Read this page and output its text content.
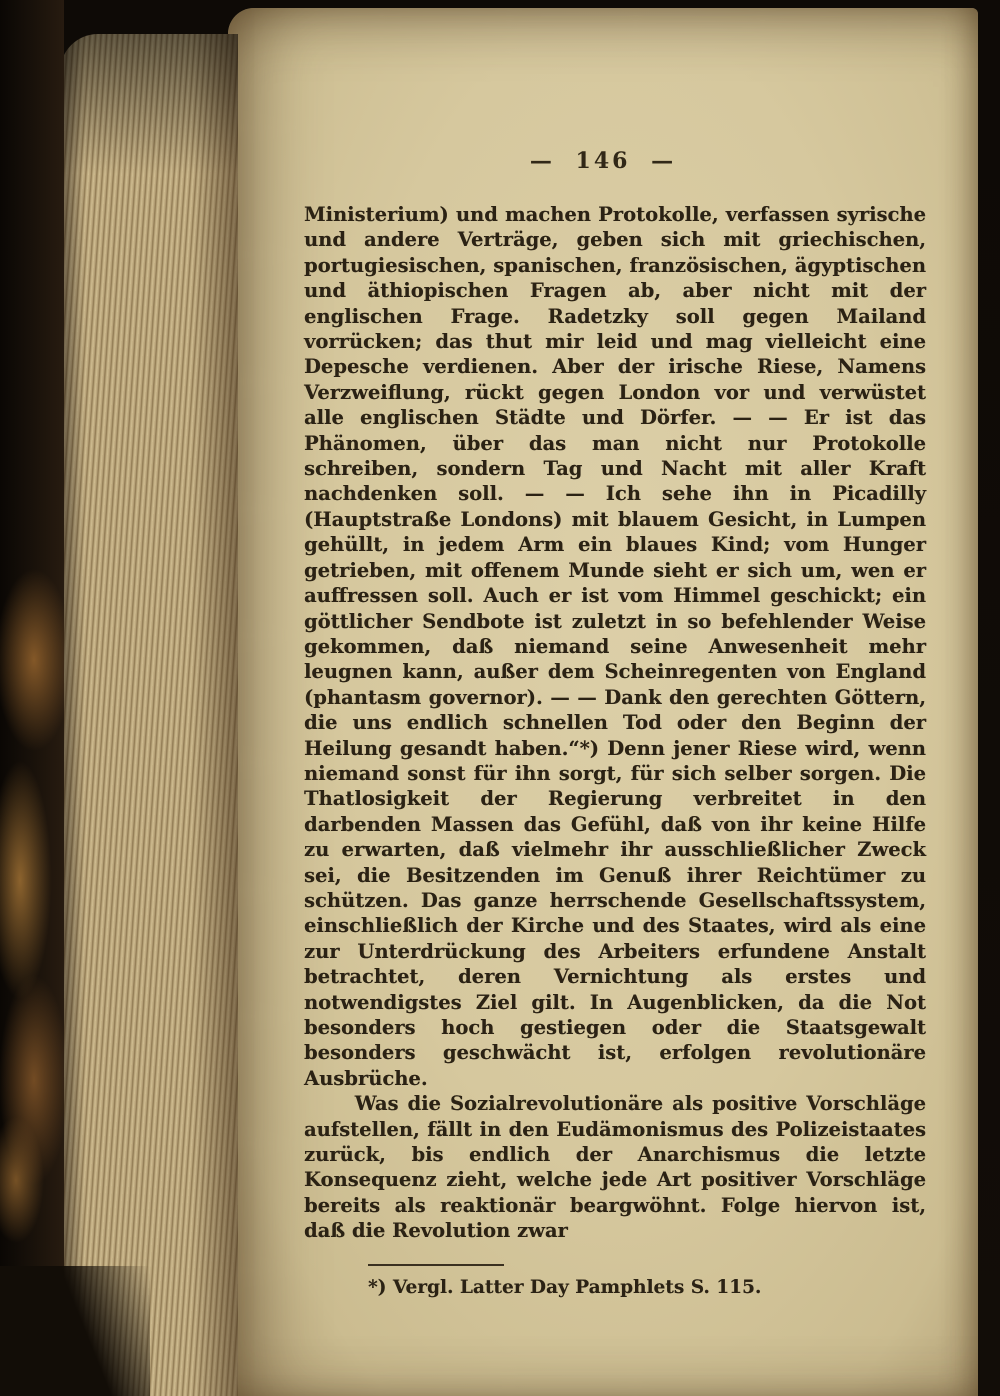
— 146 —

Ministerium) und machen Protokolle, verfassen syrische und andere Verträge, geben sich mit griechischen, portugiesischen, spanischen, französischen, ägyptischen und äthiopischen Fragen ab, aber nicht mit der englischen Frage. Radetzky soll gegen Mailand vorrücken; das thut mir leid und mag vielleicht eine Depesche verdienen. Aber der irische Riese, Namens Verzweiflung, rückt gegen London vor und verwüstet alle englischen Städte und Dörfer. — — Er ist das Phänomen, über das man nicht nur Protokolle schreiben, sondern Tag und Nacht mit aller Kraft nachdenken soll. — — Ich sehe ihn in Picadilly (Hauptstraße Londons) mit blauem Gesicht, in Lumpen gehüllt, in jedem Arm ein blaues Kind; vom Hunger getrieben, mit offenem Munde sieht er sich um, wen er auffressen soll. Auch er ist vom Himmel geschickt; ein göttlicher Sendbote ist zuletzt in so befehlender Weise gekommen, daß niemand seine Anwesenheit mehr leugnen kann, außer dem Scheinregenten von England (phantasm governor). — — Dank den gerechten Göttern, die uns endlich schnellen Tod oder den Beginn der Heilung gesandt haben.“*) Denn jener Riese wird, wenn niemand sonst für ihn sorgt, für sich selber sorgen. Die Thatlosigkeit der Regierung verbreitet in den darbenden Massen das Gefühl, daß von ihr keine Hilfe zu erwarten, daß vielmehr ihr ausschließlicher Zweck sei, die Besitzenden im Genuß ihrer Reichtümer zu schützen. Das ganze herrschende Gesellschaftssystem, einschließlich der Kirche und des Staates, wird als eine zur Unterdrückung des Arbeiters erfundene Anstalt betrachtet, deren Vernichtung als erstes und notwendigstes Ziel gilt. In Augenblicken, da die Not besonders hoch gestiegen oder die Staatsgewalt besonders geschwächt ist, erfolgen revolutionäre Ausbrüche.

Was die Sozialrevolutionäre als positive Vorschläge aufstellen, fällt in den Eudämonismus des Polizeistaates zurück, bis endlich der Anarchismus die letzte Konsequenz zieht, welche jede Art positiver Vorschläge bereits als reaktionär beargwöhnt. Folge hiervon ist, daß die Revolution zwar

*) Vergl. Latter Day Pamphlets S. 115.
